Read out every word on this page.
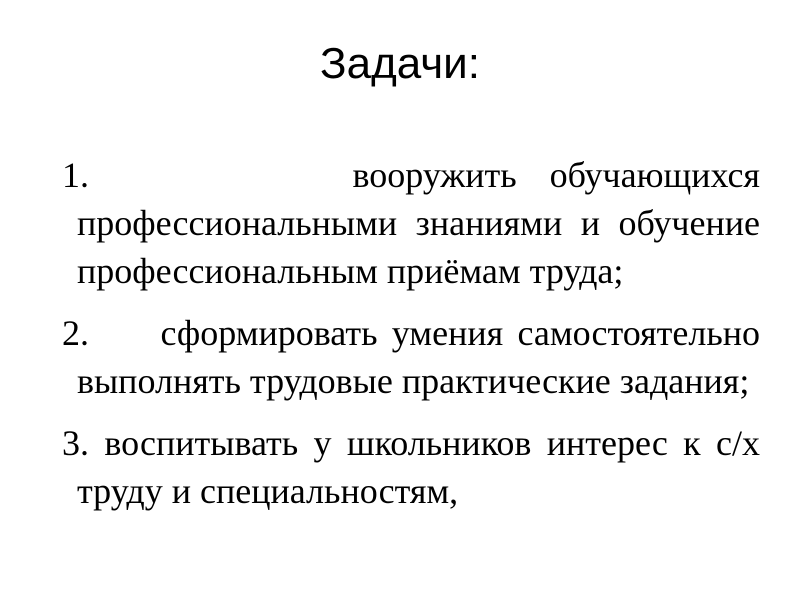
Задачи:

1.	вооружить обучающихся профессиональными знаниями и обучение профессиональным приёмам труда;

2. сформировать умения самостоятельно выполнять трудовые практические задания;

3. воспитывать у школьников интерес к с/х труду и специальностям,
